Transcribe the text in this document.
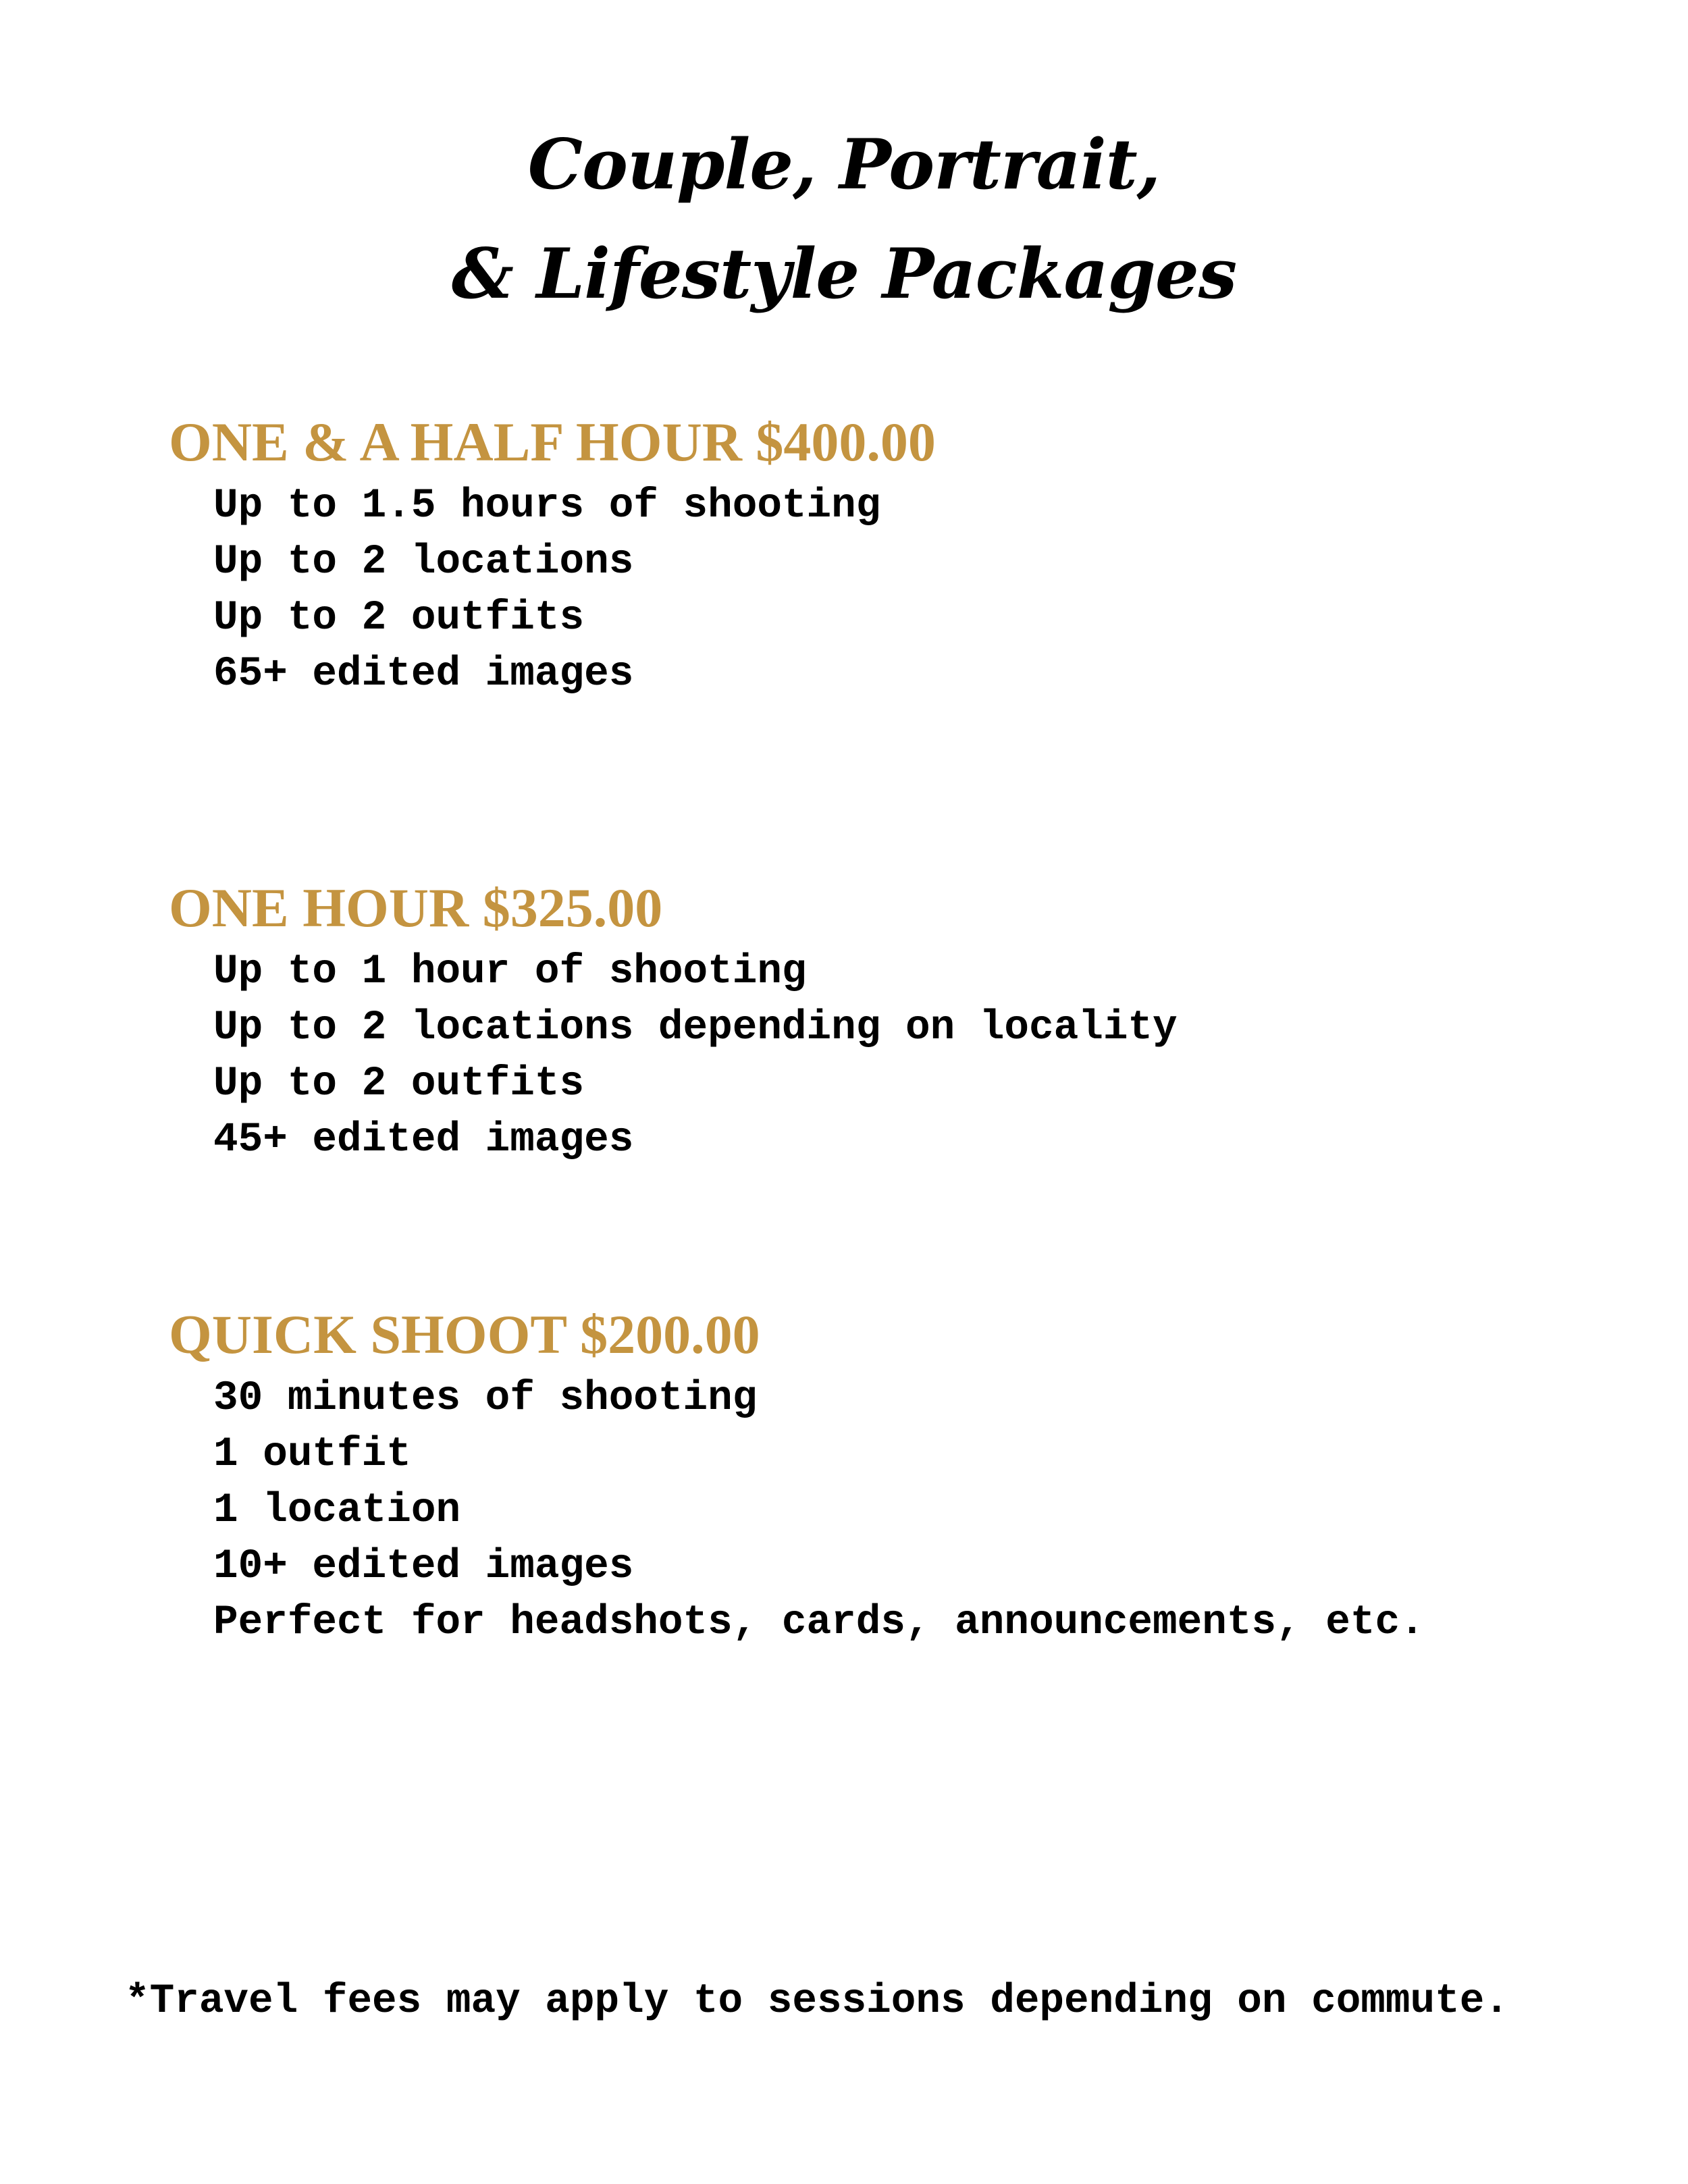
Couple, Portrait,
& Lifestyle Packages
ONE & A HALF HOUR $400.00
Up to 1.5 hours of shooting
Up to 2 locations
Up to 2 outfits
65+ edited images
ONE HOUR $325.00
Up to 1 hour of shooting
Up to 2 locations depending on locality
Up to 2 outfits
45+ edited images
QUICK SHOOT $200.00
30 minutes of shooting
1 outfit
1 location
10+ edited images
Perfect for headshots, cards, announcements, etc.

*Travel fees may apply to sessions depending on commute.
